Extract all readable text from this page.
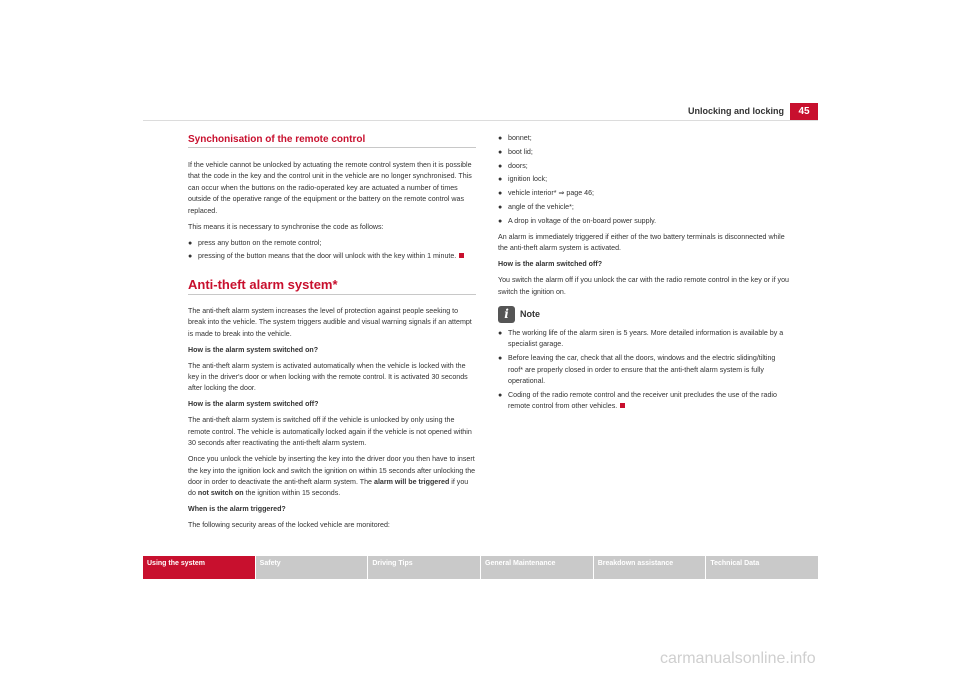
Unlocking and locking	45
Synchonisation of the remote control

If the vehicle cannot be unlocked by actuating the remote control system then it is possible that the code in the key and the control unit in the vehicle are no longer synchronised. This can occur when the buttons on the radio-operated key are actuated a number of times outside of the operative range of the equipment or the battery on the remote control was replaced.

This means it is necessary to synchronise the code as follows:

● press any button on the remote control;
● pressing of the button means that the door will unlock with the key within 1 minute.
Anti-theft alarm system*

The anti-theft alarm system increases the level of protection against people seeking to break into the vehicle. The system triggers audible and visual warning signals if an attempt is made to break into the vehicle.

How is the alarm system switched on?

The anti-theft alarm system is activated automatically when the vehicle is locked with the key in the driver's door or when locking with the remote control. It is activated 30 seconds after locking the door.

How is the alarm system switched off?

The anti-theft alarm system is switched off if the vehicle is unlocked by only using the remote control. The vehicle is automatically locked again if the vehicle is not opened within 30 seconds after reactivating the anti-theft alarm system.

Once you unlock the vehicle by inserting the key into the driver door you then have to insert the key into the ignition lock and switch the ignition on within 15 seconds after unlocking the door in order to deactivate the anti-theft alarm system. The alarm will be triggered if you do not switch on the ignition within 15 seconds.

When is the alarm triggered?

The following security areas of the locked vehicle are monitored:

● bonnet;
● boot lid;
● doors;
● ignition lock;
● vehicle interior* ⇒ page 46;
● angle of the vehicle*;
● A drop in voltage of the on-board power supply.

An alarm is immediately triggered if either of the two battery terminals is disconnected while the anti-theft alarm system is activated.

How is the alarm switched off?

You switch the alarm off if you unlock the car with the radio remote control in the key or if you switch the ignition on.

i	Note
● The working life of the alarm siren is 5 years. More detailed information is available by a specialist garage.
● Before leaving the car, check that all the doors, windows and the electric sliding/tilting roof* are properly closed in order to ensure that the anti-theft alarm system is fully operational.
● Coding of the radio remote control and the receiver unit precludes the use of the radio remote control from other vehicles.
Using the system	Safety	Driving Tips	General Maintenance	Breakdown assistance	Technical Data
carmanualsonline.info
